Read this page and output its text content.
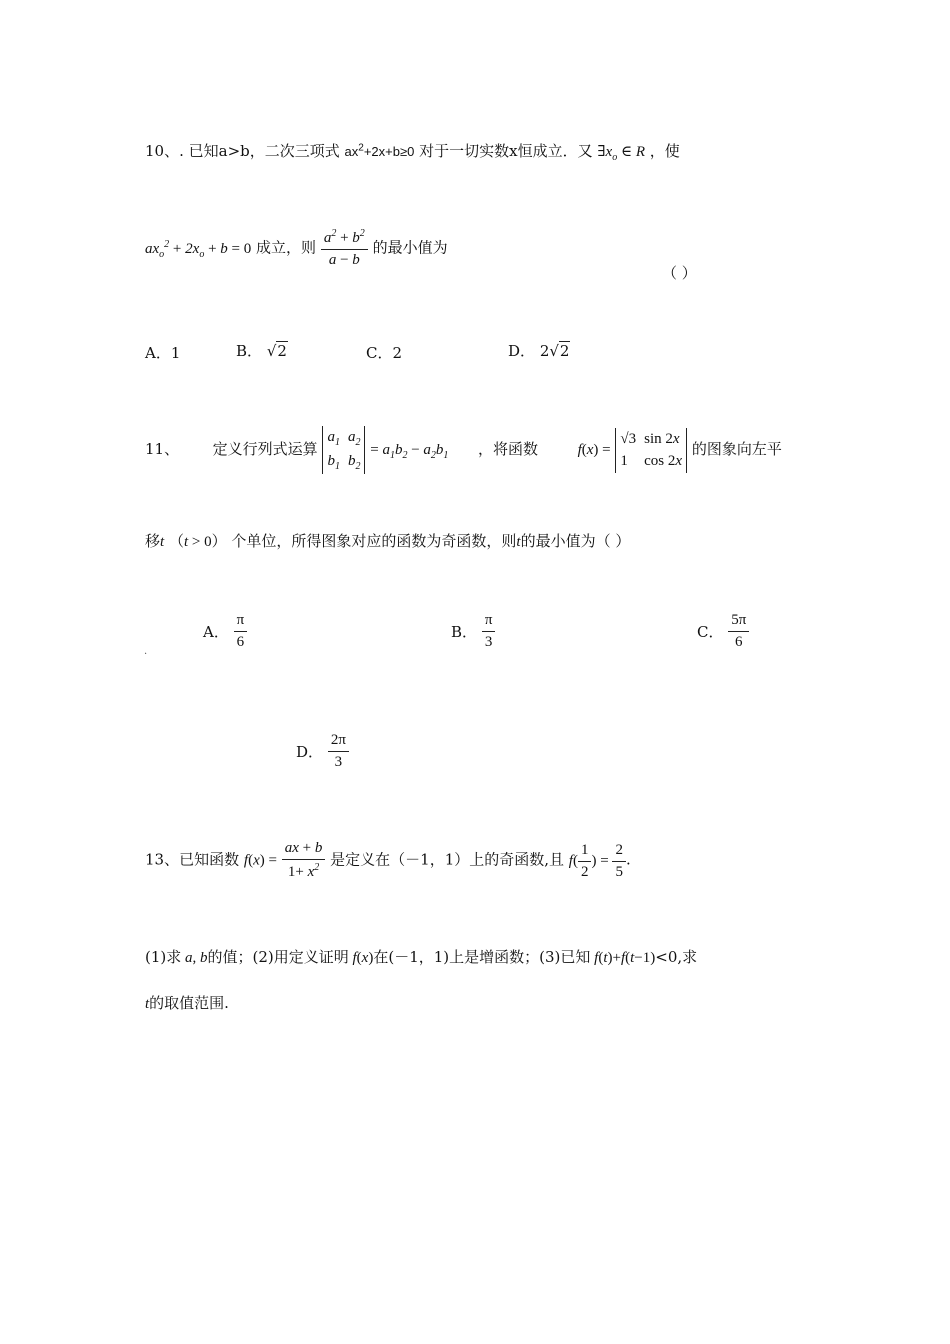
10、. 已知a>b，二次三项式 $ax^2+2x+b\ge 0$ 对于一切实数x恒成立．又 $\exists x_o$ ∈ R ，使
$ax_o^2 + 2x_o + b = 0$ 成立，则 $\frac{a^2 + b^2}{a - b}$ 的最小值为
（ ）
A．1	B． √2	C．2	D． 2√2
11、 定义行列式运算
$a_1$	$a_2$
$b_1$	$b_2$
= $a_1b_2 - a_2b_1$ ，将函数	f(x) =
√3	sin 2x
1	cos 2x
的图象向左平
移t （t > 0） 个单位，所得图象对应的函数为奇函数，则t的最小值为（ ）
.
A． $\frac{\pi}{6}$	B． $\frac{\pi}{3}$	C． $\frac{5\pi}{6}$
D． $\frac{2\pi}{3}$
13、已知函数 $f(x) = \frac{ax + b}{1+ x^2}$ 是定义在（－1，1）上的奇函数,且 $f( \frac{1}{2}$ ) = $\frac{2}{5}$ .
(1)求 a, b的值；(2)用定义证明 f(x)在(－1，1)上是增函数；(3)已知 f(t)+f(t−1)<0,求
t的取值范围.
